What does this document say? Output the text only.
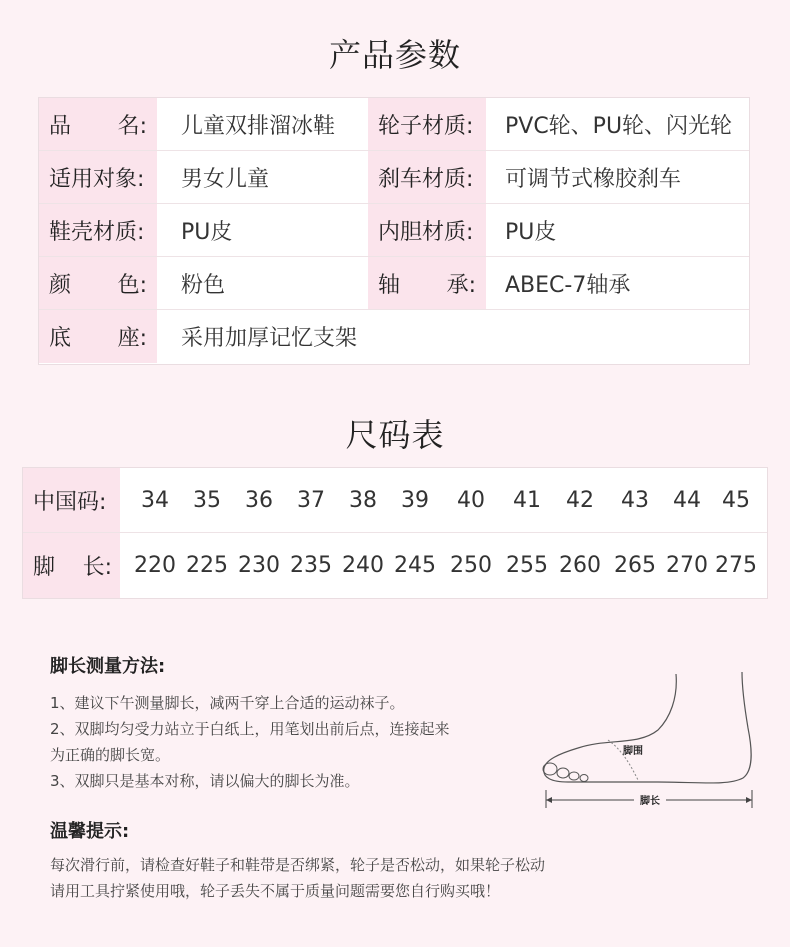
产品参数
品 名: 儿童双排溜冰鞋	轮子材质:	PVC轮、PU轮、闪光轮
适用对象:	男女儿童	刹车材质:	可调节式橡胶刹车
鞋壳材质:	PU皮	内胆材质:	PU皮
颜 色: 粉色	轴 承: ABEC-7轴承
底 座: 采用加厚记忆支架
尺码表
中国码:	34	35	36	37	38	39	40	41	42	43	44 45
脚 长: 220 225 230 235 240 245 250 255 260 265 270 275
脚长测量方法:
1、建议下午测量脚长，减两千穿上合适的运动袜子。
2、双脚均匀受力站立于白纸上，用笔划出前后点，连接起来
为正确的脚长宽。
3、双脚只是基本对称，请以偏大的脚长为准。
脚长
脚围
温馨提示:
每次滑行前，请检查好鞋子和鞋带是否绑紧，轮子是否松动，如果轮子松动
请用工具拧紧使用哦，轮子丢失不属于质量问题需要您自行购买哦！
